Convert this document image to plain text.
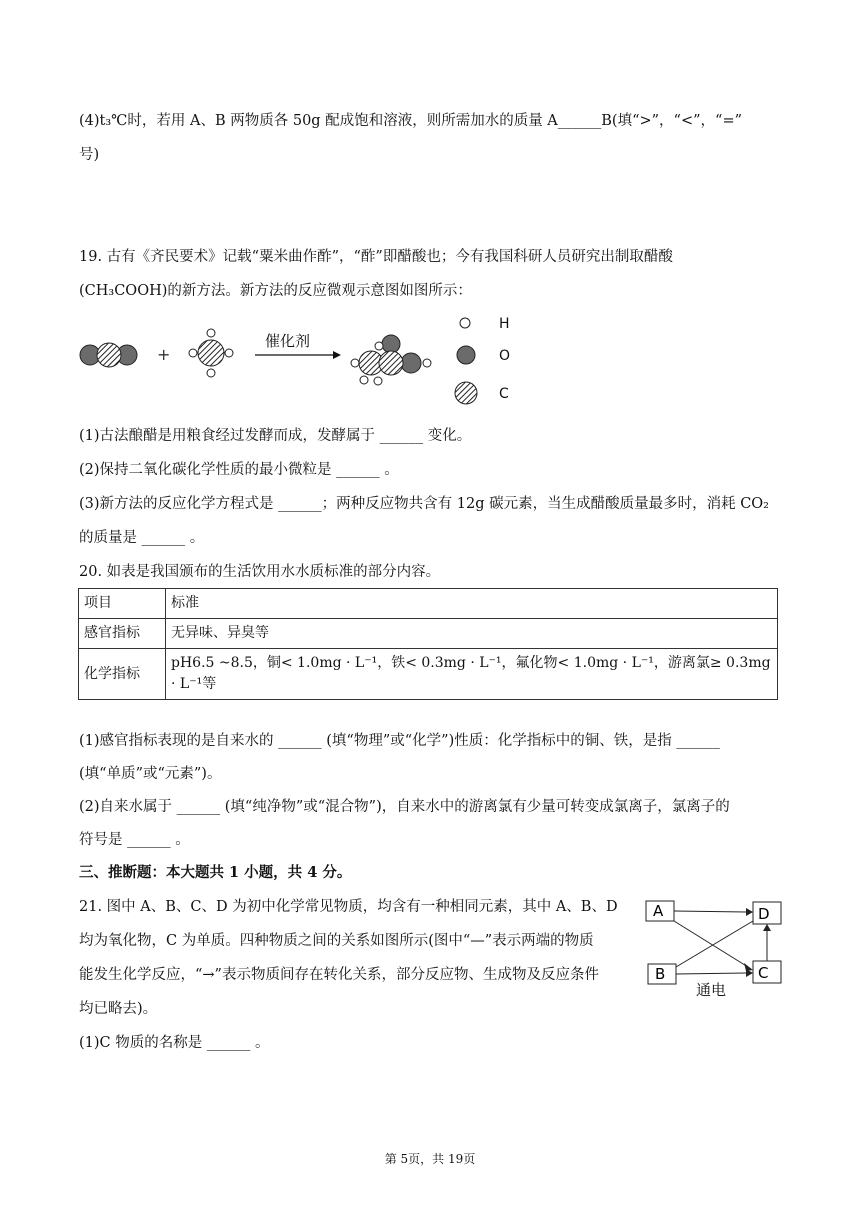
(4)t₃℃时，若用 A、B 两物质各 50g 配成饱和溶液，则所需加水的质量 A______B(填“>”，“<”，“=”
号)
19. 古有《齐民要术》记载“粟米曲作酢”，“酢”即醋酸也；今有我国科研人员研究出制取醋酸
(CH₃COOH)的新方法。新方法的反应微观示意图如图所示：
+
催化剂
H
O
C
(1)古法酿醋是用粮食经过发酵而成，发酵属于 ______ 变化。
(2)保持二氧化碳化学性质的最小微粒是 ______ 。
(3)新方法的反应化学方程式是 ______；两种反应物共含有 12g 碳元素，当生成醋酸质量最多时，消耗 CO₂
的质量是 ______ 。
20. 如表是我国颁布的生活饮用水水质标准的部分内容。
项目	标准
感官指标	无异味、异臭等
化学指标	pH6.5 ~8.5，铜< 1.0mg · L⁻¹，铁< 0.3mg · L⁻¹，氟化物< 1.0mg · L⁻¹，游离氯≥ 0.3mg · L⁻¹等
(1)感官指标表现的是自来水的 ______ (填“物理”或“化学”)性质：化学指标中的铜、铁，是指 ______
(填“单质”或“元素”)。
(2)自来水属于 ______ (填“纯净物”或“混合物”)，自来水中的游离氯有少量可转变成氯离子，氯离子的
符号是 ______ 。
三、推断题：本大题共 1 小题，共 4 分。
21. 图中 A、B、C、D 为初中化学常见物质，均含有一种相同元素，其中 A、B、D
均为氧化物，C 为单质。四种物质之间的关系如图所示(图中“—”表示两端的物质
能发生化学反应，“→”表示物质间存在转化关系，部分反应物、生成物及反应条件
均已略去)。
(1)C 物质的名称是 ______ 。
A	D
B	C
通电
第 5页，共 19页
